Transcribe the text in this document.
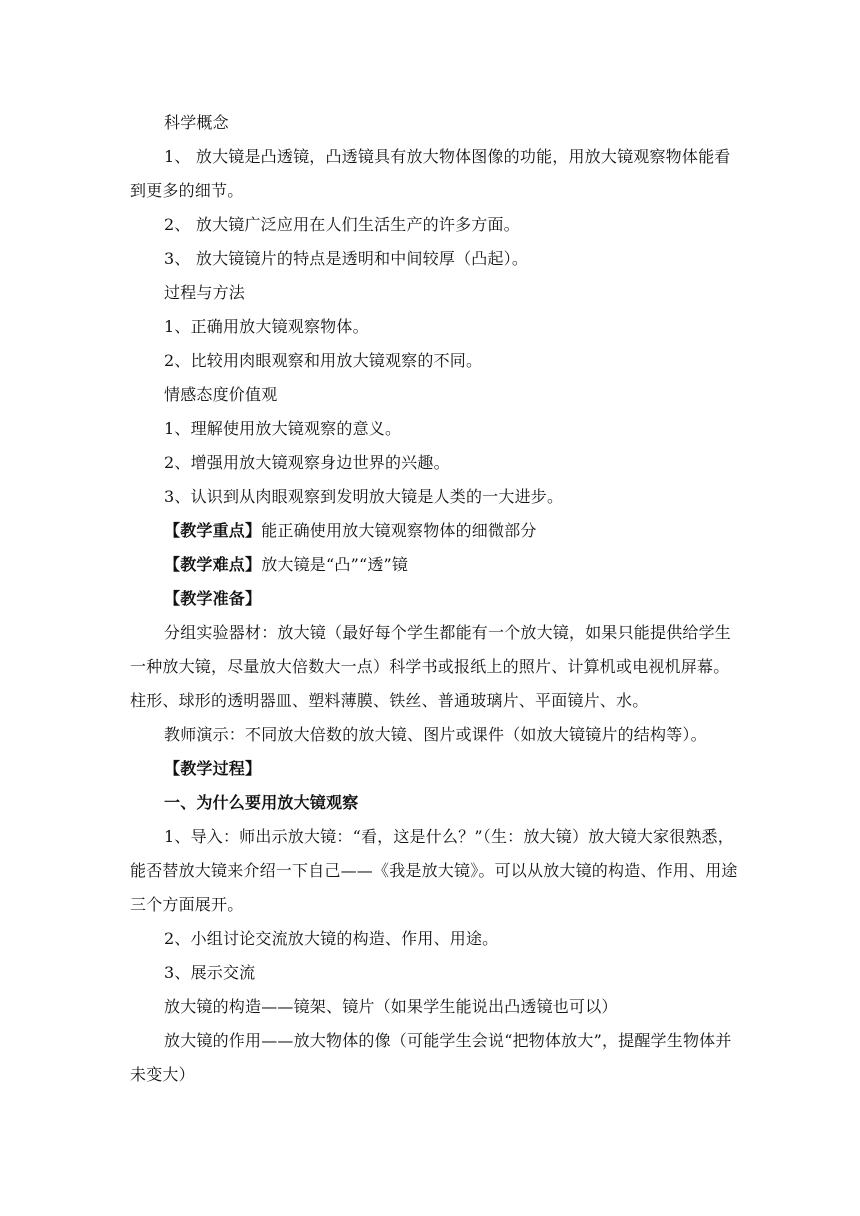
科学概念

1、 放大镜是凸透镜，凸透镜具有放大物体图像的功能，用放大镜观察物体能看到更多的细节。

2、 放大镜广泛应用在人们生活生产的许多方面。

3、 放大镜镜片的特点是透明和中间较厚（凸起）。

过程与方法

1、正确用放大镜观察物体。

2、比较用肉眼观察和用放大镜观察的不同。

情感态度价值观

1、理解使用放大镜观察的意义。

2、增强用放大镜观察身边世界的兴趣。

3、认识到从肉眼观察到发明放大镜是人类的一大进步。

【教学重点】能正确使用放大镜观察物体的细微部分

【教学难点】放大镜是“凸”“透”镜

【教学准备】

分组实验器材：放大镜（最好每个学生都能有一个放大镜，如果只能提供给学生一种放大镜，尽量放大倍数大一点）科学书或报纸上的照片、计算机或电视机屏幕。柱形、球形的透明器皿、塑料薄膜、铁丝、普通玻璃片、平面镜片、水。

教师演示：不同放大倍数的放大镜、图片或课件（如放大镜镜片的结构等）。

【教学过程】

一、为什么要用放大镜观察

1、导入：师出示放大镜：“看，这是什么？”（生：放大镜）放大镜大家很熟悉，能否替放大镜来介绍一下自己——《我是放大镜》。可以从放大镜的构造、作用、用途三个方面展开。

2、小组讨论交流放大镜的构造、作用、用途。

3、展示交流

放大镜的构造——镜架、镜片（如果学生能说出凸透镜也可以）

放大镜的作用——放大物体的像（可能学生会说“把物体放大”，提醒学生物体并未变大）
